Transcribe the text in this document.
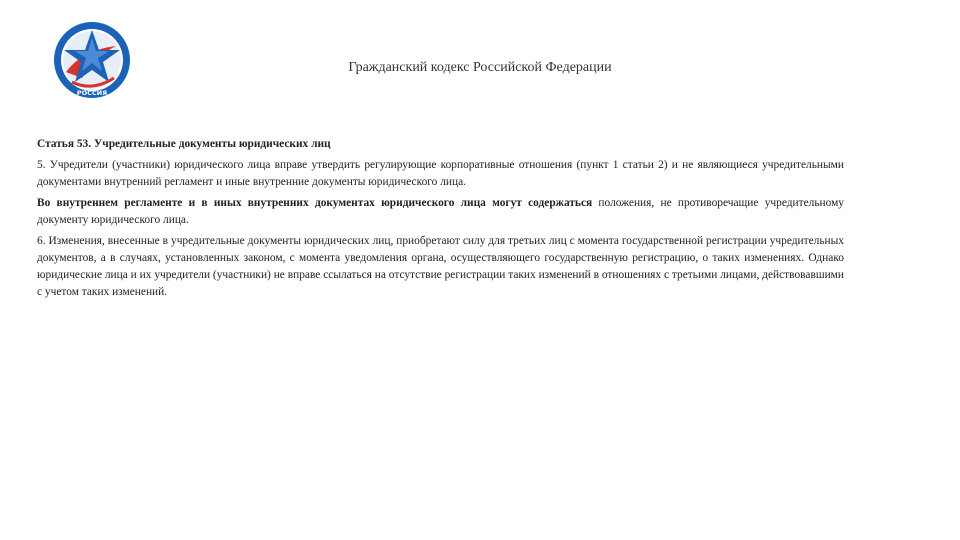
РОССИЯ
Гражданский кодекс Российской Федерации

Статья 53. Учредительные документы юридических лиц

5. Учредители (участники) юридического лица вправе утвердить регулирующие корпоративные отношения (пункт 1 статьи 2) и не являющиеся учредительными документами внутренний регламент и иные внутренние документы юридического лица.

Во внутреннем регламенте и в иных внутренних документах юридического лица могут содержаться положения, не противоречащие учредительному документу юридического лица.

6. Изменения, внесенные в учредительные документы юридических лиц, приобретают силу для третьих лиц с момента государственной регистрации учредительных документов, а в случаях, установленных законом, с момента уведомления органа, осуществляющего государственную регистрацию, о таких изменениях. Однако юридические лица и их учредители (участники) не вправе ссылаться на отсутствие регистрации таких изменений в отношениях с третьими лицами, действовавшими с учетом таких изменений.
